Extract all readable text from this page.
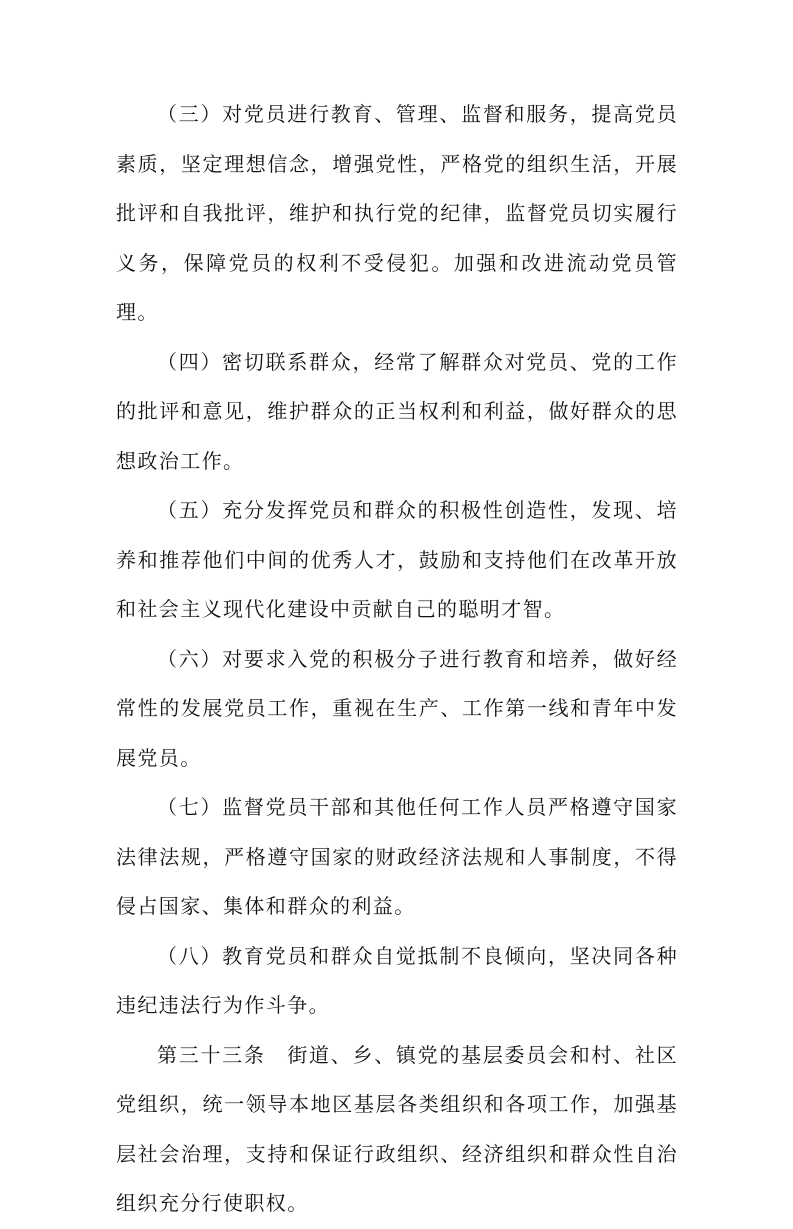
（三）对党员进行教育、管理、监督和服务，提高党员素质，坚定理想信念，增强党性，严格党的组织生活，开展批评和自我批评，维护和执行党的纪律，监督党员切实履行义务，保障党员的权利不受侵犯。加强和改进流动党员管理。

（四）密切联系群众，经常了解群众对党员、党的工作的批评和意见，维护群众的正当权利和利益，做好群众的思想政治工作。

（五）充分发挥党员和群众的积极性创造性，发现、培养和推荐他们中间的优秀人才，鼓励和支持他们在改革开放和社会主义现代化建设中贡献自己的聪明才智。

（六）对要求入党的积极分子进行教育和培养，做好经常性的发展党员工作，重视在生产、工作第一线和青年中发展党员。

（七）监督党员干部和其他任何工作人员严格遵守国家法律法规，严格遵守国家的财政经济法规和人事制度，不得侵占国家、集体和群众的利益。

（八）教育党员和群众自觉抵制不良倾向，坚决同各种违纪违法行为作斗争。

第三十三条　街道、乡、镇党的基层委员会和村、社区党组织，统一领导本地区基层各类组织和各项工作，加强基层社会治理，支持和保证行政组织、经济组织和群众性自治组织充分行使职权。
